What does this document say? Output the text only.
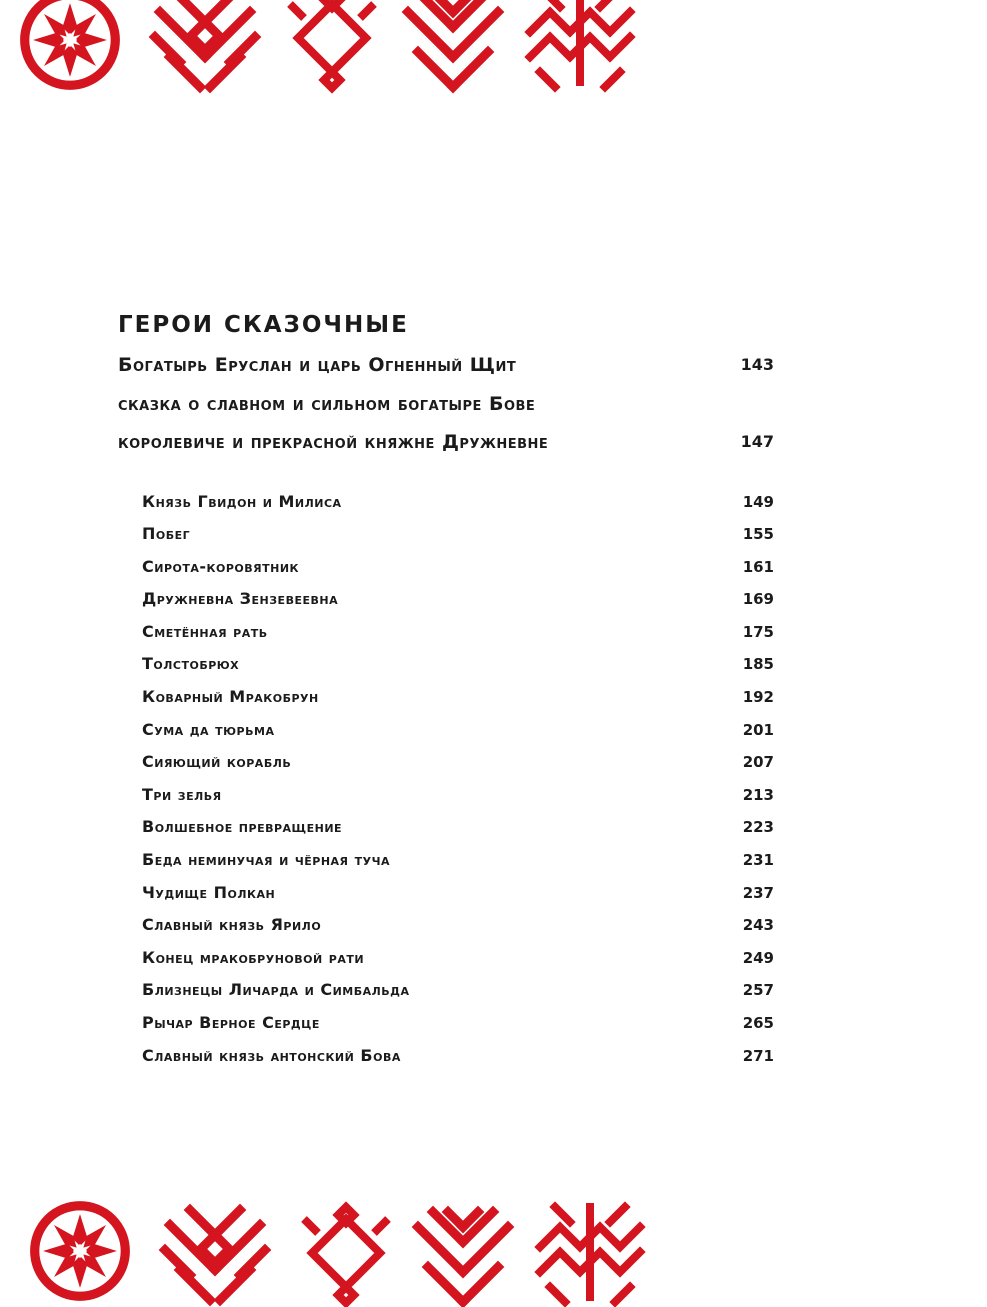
ГЕРОИ СКАЗОЧНЫЕ
Богатырь Еруслан и царь Огненный Щит	143
сказка о славном и сильном богатыре Бове
королевиче и прекрасной княжне Дружневне	147
Князь Гвидон и Милиса	149
Побег	155
Сирота-коровятник	161
Дружневна Зензевеевна	169
Сметённая рать	175
Толстобрюх	185
Коварный Мракобрун	192
Сума да тюрьма	201
Сияющий корабль	207
Три зелья	213
Волшебное превращение	223
Беда неминучая и чёрная туча	231
Чудище Полкан	237
Славный князь Ярило	243
Конец мракобруновой рати	249
Близнецы Личарда и Симбальда	257
Рычар Верное Сердце	265
Славный князь антонский Бова	271
